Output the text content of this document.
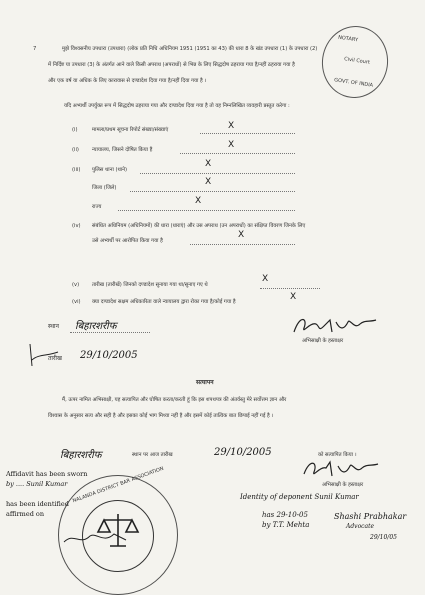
7	मुझे विश्वसनीय उपधारा (उपधारा) (लोक प्रति निधि अधिनियम 1951 (1951 का 43) की धारा 8 के खंड उपधारा (1) के उपधारा (2)
में निर्दिष्ट या उपधारा (3) के अंतर्गत आने वाले किसी अपराध (अपराधों) से भिन्न के लिए सिद्धदोष ठहराया गया है/नहीं ठहराया गया है
और एक वर्ष या अधिक के लिए कारावास से दण्डादेश दिया गया है/नहीं दिया गया है ।
यदि अभ्यर्थी उपर्युक्त रूप में सिद्धदोष ठहराया गया और दण्डादेश दिया गया है तो वह निम्नलिखित व्यवहारी प्रस्तुत करेगा :
NOTARY
Civil Court
GOVT. OF INDIA
(i)	मामला/प्रथम सूचना रिपोर्ट संख्या/संख्याएं	X
(ii)	न्यायालय, जिसने दोषित किया है	X
(iii) पुलिस थाना (थाने)
X
जिला (जिले)
X
राज्य
X
(iv) संबंधित अधिनियम (अधिनियमों) की धारा (धाराएं) और उस अपराध (उन अपराधों) का संक्षिप्त विवरण जिनके लिए
उसे अभ्यर्थी पर आरोपित किया गया है
X
(v) तारीख (तारीखें) जिनको दण्डादेश सुनाया गया था/सुनाए गए थे
X
(vi) क्या दण्डादेश सक्षम अधिकारिता वाले न्यायालय द्वारा रोका गया है/कोई गया है	X
स्थान बिहारशरीफ
अभिसाक्षी के हस्ताक्षर
तारीख 29/10/2005
सत्यापन
मैं, ऊपर नामित अभिसाक्षी, यह सत्यापित और घोषित करता/करती हूं कि इस शपथपत्र की अंतर्वस्तु मेरे सर्वोत्तम ज्ञान और
विश्वास के अनुसार सत्य और सही है और इसका कोई भाग मिथ्या नहीं है और इसमें कोई तात्विक बात छिपाई नहीं गई है ।
बिहारशरीफ	स्थान पर आज तारीख	29/10/2005	को सत्यापित किया ।
अभिसाक्षी के हस्ताक्षर
Affidavit has been sworn
by .... Sunil Kumar
has been identified
affirmed on
NALANDA DISTRICT BAR ASSOCIATION	Identity of deponent Sunil Kumar
has 29-10-05
by T.T. Mehta
Shashi Prabhakar
Advocate
29/10/05
